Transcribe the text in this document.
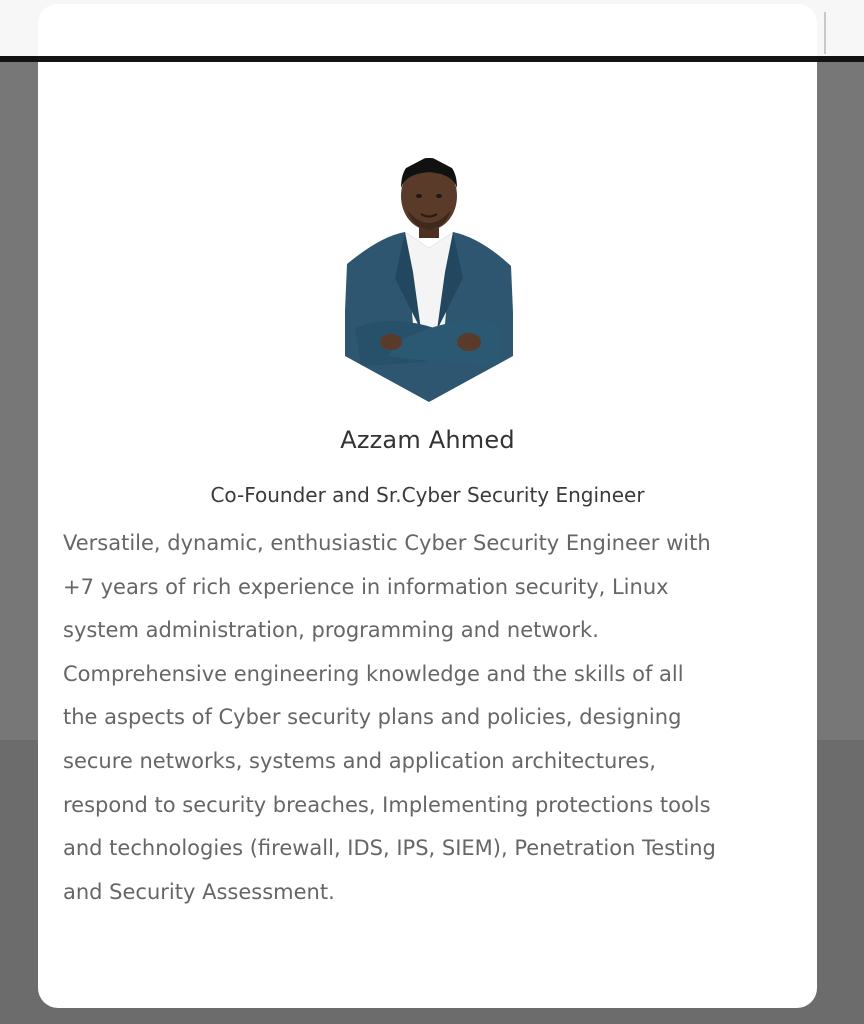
Azzam Ahmed
Co-Founder and Sr.Cyber Security Engineer
Versatile, dynamic, enthusiastic Cyber Security Engineer with
+7 years of rich experience in information security, Linux
system administration, programming and network.
Comprehensive engineering knowledge and the skills of all
the aspects of Cyber security plans and policies, designing
secure networks, systems and application architectures,
respond to security breaches, Implementing protections tools
and technologies (firewall, IDS, IPS, SIEM), Penetration Testing
and Security Assessment.
